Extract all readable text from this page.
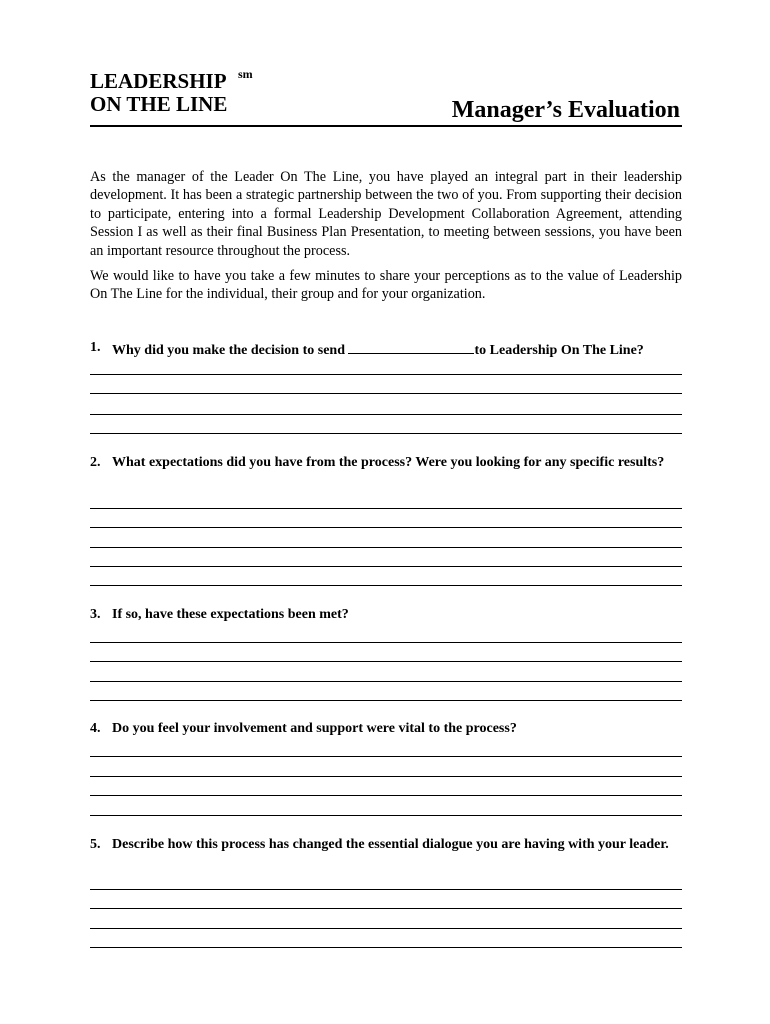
LEADERSHIP sm
ON THE LINE	Manager’s Evaluation

As the manager of the Leader On The Line, you have played an integral part in their leadership development. It has been a strategic partnership between the two of you. From supporting their decision to participate, entering into a formal Leadership Development Collaboration Agreement, attending Session I as well as their final Business Plan Presentation, to meeting between sessions, you have been an important resource throughout the process.

We would like to have you take a few minutes to share your perceptions as to the value of Leadership On The Line for the individual, their group and for your organization.

1. Why did you make the decision to send	to Leadership On The Line?
2. What expectations did you have from the process? Were you looking for any specific results?
3. If so, have these expectations been met?
4. Do you feel your involvement and support were vital to the process?
5. Describe how this process has changed the essential dialogue you are having with your leader.
